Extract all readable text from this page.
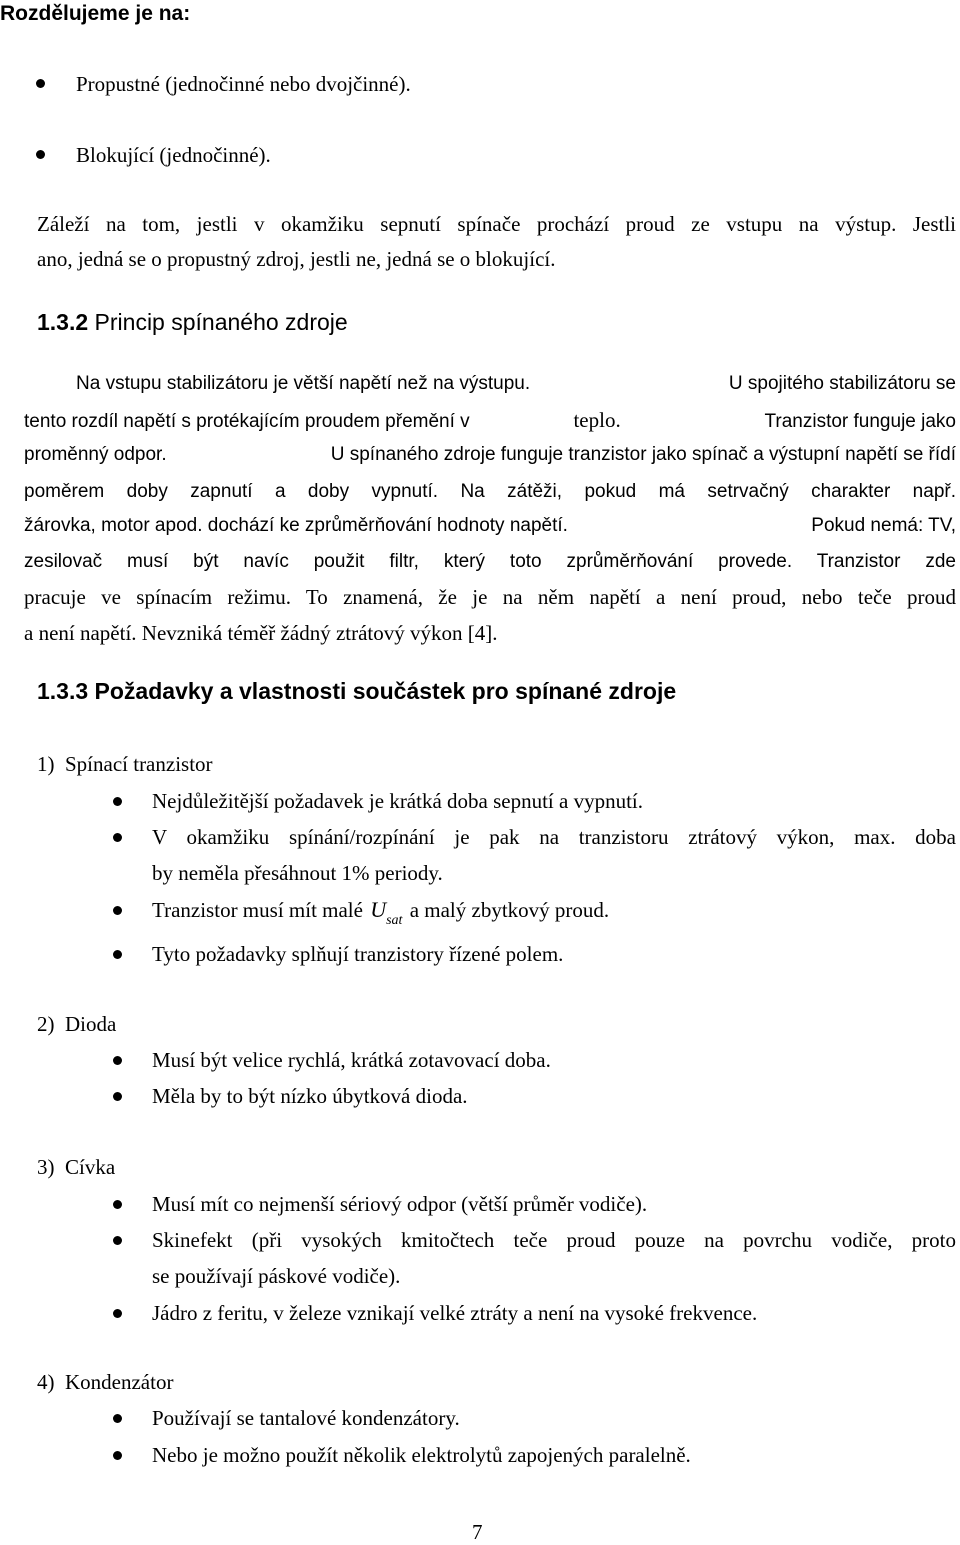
Rozdělujeme je na:
Propustné (jednočinné nebo dvojčinné).
Blokující (jednočinné).
Záleží na tom, jestli v okamžiku sepnutí spínače prochází proud ze vstupu na výstup. Jestli
ano, jedná se o propustný zdroj, jestli ne, jedná se o blokující.
1.3.2 Princip spínaného zdroje
Na vstupu stabilizátoru je větší napětí než na výstupu.	U spojitého stabilizátoru se
tento rozdíl napětí s protékajícím proudem přemění v	teplo.	Tranzistor funguje jako
proměnný odpor.	U spínaného zdroje funguje tranzistor jako spínač a výstupní napětí se řídí
poměrem doby zapnutí a doby vypnutí. Na zátěži, pokud má setrvačný charakter např.
žárovka, motor apod. dochází ke zprůměrňování hodnoty napětí.	Pokud nemá: TV,
zesilovač musí být navíc použit filtr, který toto zprůměrňování provede. Tranzistor zde
pracuje ve spínacím režimu. To znamená, že je na něm napětí a není proud, nebo teče proud
a není napětí. Nevzniká téměř žádný ztrátový výkon [4].
1.3.3 Požadavky a vlastnosti součástek pro spínané zdroje
1)  Spínací tranzistor
Nejdůležitější požadavek je krátká doba sepnutí a vypnutí.
V okamžiku spínání/rozpínání je pak na tranzistoru ztrátový výkon, max. doba
by neměla přesáhnout 1% periody.
Tranzistor musí mít malé $U_{sat}$ a malý zbytkový proud.
Tyto požadavky splňují tranzistory řízené polem.
2)  Dioda
Musí být velice rychlá, krátká zotavovací doba.
Měla by to být nízko úbytková dioda.
3)  Cívka
Musí mít co nejmenší sériový odpor (větší průměr vodiče).
Skinefekt (při vysokých kmitočtech teče proud pouze na povrchu vodiče, proto
se používají páskové vodiče).
Jádro z feritu, v železe vznikají velké ztráty a není na vysoké frekvence.
4)  Kondenzátor
Používají se tantalové kondenzátory.
Nebo je možno použít několik elektrolytů zapojených paralelně.
7
